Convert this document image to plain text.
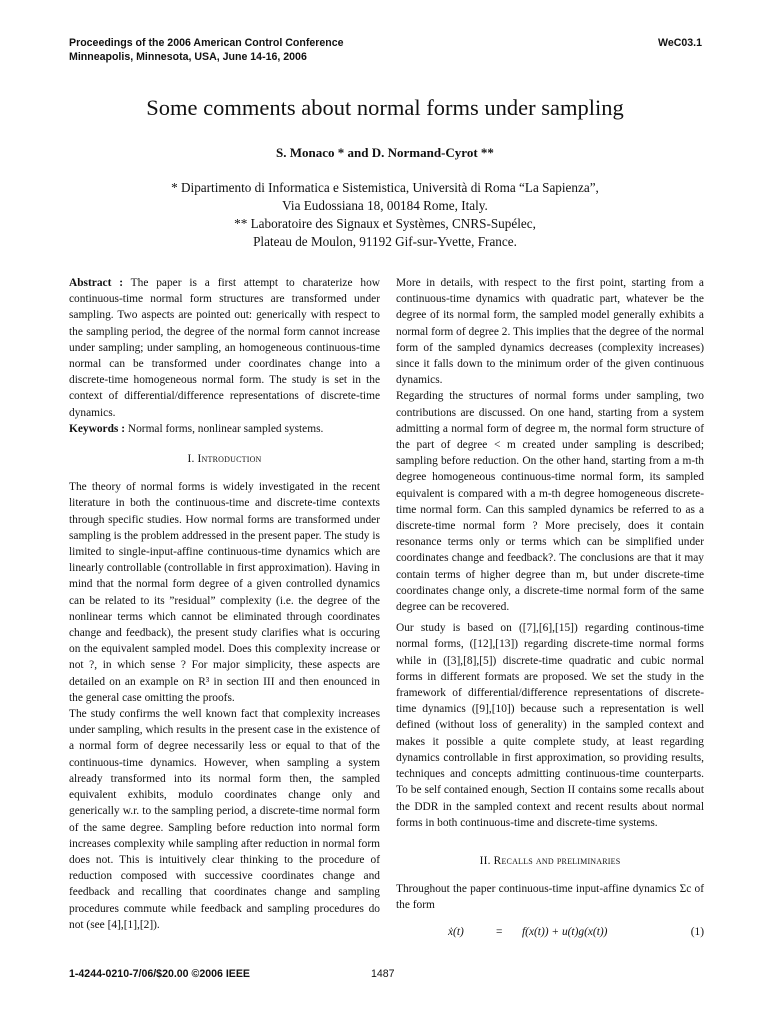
Proceedings of the 2006 American Control Conference
Minneapolis, Minnesota, USA, June 14-16, 2006
WeC03.1
Some comments about normal forms under sampling
S. Monaco * and D. Normand-Cyrot **
* Dipartimento di Informatica e Sistemistica, Università di Roma “La Sapienza”,
Via Eudossiana 18, 00184 Rome, Italy.
** Laboratoire des Signaux et Systèmes, CNRS-Supélec,
Plateau de Moulon, 91192 Gif-sur-Yvette, France.

Abstract : The paper is a first attempt to charaterize how continuous-time normal form structures are transformed under sampling. Two aspects are pointed out: generically with respect to the sampling period, the degree of the normal form cannot increase under sampling; under sampling, an homogeneous continuous-time normal can be transformed under coordinates change into a discrete-time homogeneous normal form. The study is set in the context of differential/difference representations of discrete-time dynamics.

Keywords : Normal forms, nonlinear sampled systems.

I. Introduction

The theory of normal forms is widely investigated in the recent literature in both the continuous-time and discrete-time contexts through specific studies. How normal forms are transformed under sampling is the problem addressed in the present paper. The study is limited to single-input-affine continuous-time dynamics which are linearly controllable (controllable in first approximation). Having in mind that the normal form degree of a given controlled dynamics can be related to its ”residual” complexity (i.e. the degree of the nonlinear terms which cannot be eliminated through coordinates change and feedback), the present study clarifies what is occuring on the equivalent sampled model. Does this complexity increase or not ?, in which sense ? For major simplicity, these aspects are detailed on an example on R³ in section III and then enounced in the general case omitting the proofs.

The study confirms the well known fact that complexity increases under sampling, which results in the present case in the existence of a normal form of degree necessarily less or equal to that of the continuous-time dynamics. However, when sampling a system already transformed into its normal form then, the sampled equivalent exhibits, modulo coordinates change only and generically w.r. to the sampling period, a discrete-time normal form of the same degree. Sampling before reduction into normal form increases complexity while sampling after reduction in normal form does not. This is intuitively clear thinking to the procedure of reduction composed with successive coordinates change and feedback and recalling that coordinates change and sampling procedures commute while feedback and sampling procedures do not (see [4],[1],[2]).

More in details, with respect to the first point, starting from a continuous-time dynamics with quadratic part, whatever be the degree of its normal form, the sampled model generally exhibits a normal form of degree 2. This implies that the degree of the normal form of the sampled dynamics decreases (complexity increases) since it falls down to the minimum order of the given continuous dynamics.

Regarding the structures of normal forms under sampling, two contributions are discussed. On one hand, starting from a system admitting a normal form of degree m, the normal form structure of the part of degree < m created under sampling is described; sampling before reduction. On the other hand, starting from a m-th degree homogeneous continuous-time normal form, its sampled equivalent is compared with a m-th degree homogeneous discrete-time normal form. Can this sampled dynamics be referred to as a discrete-time normal form ? More precisely, does it contain resonance terms only or terms which can be simplified under coordinates change and feedback?. The conclusions are that it may contain terms of higher degree than m, but under discrete-time coordinates change only, a discrete-time normal form of the same degree can be recovered.

Our study is based on ([7],[6],[15]) regarding continous-time normal forms, ([12],[13]) regarding discrete-time normal forms while in ([3],[8],[5]) discrete-time quadratic and cubic normal forms in different formats are proposed. We set the study in the framework of differential/difference representations of discrete-time dynamics ([9],[10]) because such a representation is well defined (without loss of generality) in the sampled context and makes it possible a quite complete study, at least regarding dynamics controllable in first approximation, so providing results, techniques and concepts admitting continuous-time counterparts. To be self contained enough, Section II contains some recalls about the DDR in the sampled context and recent results about normal forms in both continuous-time and discrete-time systems.

II. Recalls and preliminaries

Throughout the paper continuous-time input-affine dynamics Σc of the form

ẋ(t)	= f(x(t)) + u(t)g(x(t))	(1)
1-4244-0210-7/06/$20.00 ©2006 IEEE	1487
